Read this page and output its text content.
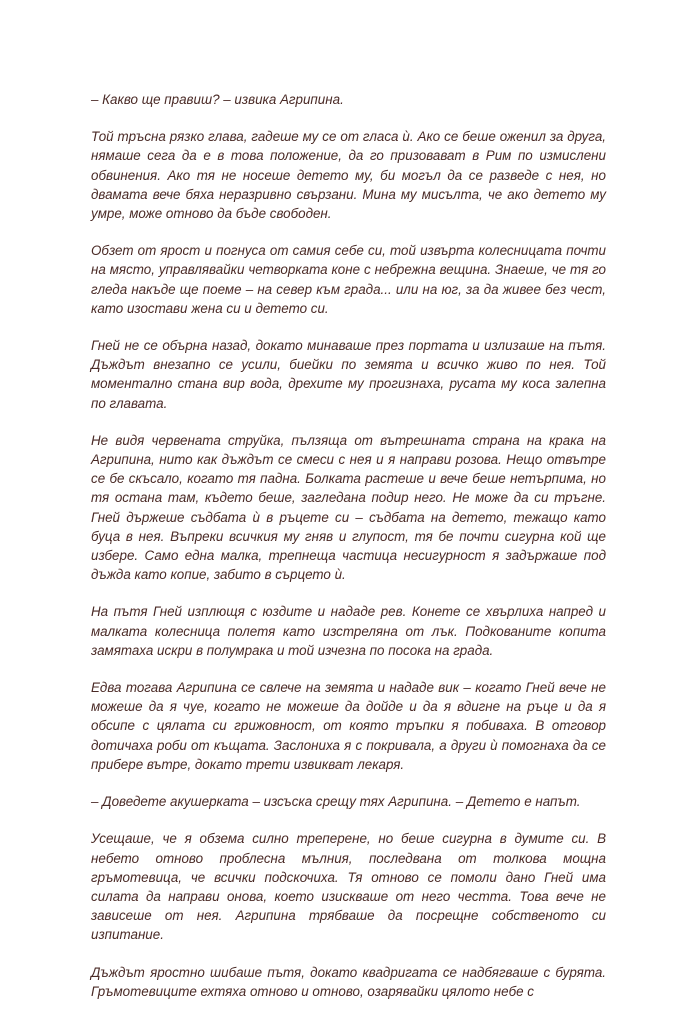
– Какво ще правиш? – извика Агрипина.

Той тръсна рязко глава, гадеше му се от гласа ѝ. Ако се беше оженил за друга, нямаше сега да е в това положение, да го призовават в Рим по измислени обвинения. Ако тя не носеше детето му, би могъл да се разведе с нея, но двамата вече бяха неразривно свързани. Мина му мисълта, че ако детето му умре, може отново да бъде свободен.

Обзет от ярост и погнуса от самия себе си, той извърта колесницата почти на място, управлявайки четворката коне с небрежна вещина. Знаеше, че тя го гледа накъде ще поеме – на север към града... или на юг, за да живее без чест, като изостави жена си и детето си.

Гней не се обърна назад, докато минаваше през портата и излизаше на пътя. Дъждът внезапно се усили, биейки по земята и всичко живо по нея. Той моментално стана вир вода, дрехите му прогизнаха, русата му коса залепна по главата.

Не видя червената струйка, пълзяща от вътрешната страна на крака на Агрипина, нито как дъждът се смеси с нея и я направи розова. Нещо отвътре се бе скъсало, когато тя падна. Болката растеше и вече беше нетърпима, но тя остана там, където беше, загледана подир него. Не може да си тръгне. Гней държеше съдбата ѝ в ръцете си – съдбата на детето, тежащо като буца в нея. Въпреки всичкия му гняв и глупост, тя бе почти сигурна кой ще избере. Само една малка, трепнеща частица несигурност я задържаше под дъжда като копие, забито в сърцето ѝ.

На пътя Гней изплющя с юздите и нададе рев. Конете се хвърлиха напред и малката колесница полетя като изстреляна от лък. Подкованите копита замятаха искри в полумрака и той изчезна по посока на града.

Едва тогава Агрипина се свлече на земята и нададе вик – когато Гней вече не можеше да я чуе, когато не можеше да дойде и да я вдигне на ръце и да я обсипе с цялата си грижовност, от която тръпки я побиваха. В отговор дотичаха роби от къщата. Заслониха я с покривала, а други ѝ помогнаха да се прибере вътре, докато трети извикват лекаря.

– Доведете акушерката – изсъска срещу тях Агрипина. – Детето е напът.

Усещаше, че я обзема силно треперене, но беше сигурна в думите си. В небето отново проблесна мълния, последвана от толкова мощна гръмотевица, че всички подскочиха. Тя отново се помоли дано Гней има силата да направи онова, което изискваше от него честта. Това вече не зависеше от нея. Агрипина трябваше да посрещне собственото си изпитание.

Дъждът яростно шибаше пътя, докато квадригата се надбягваше с бурята. Гръмотевиците ехтяха отново и отново, озарявайки цялото небе с
